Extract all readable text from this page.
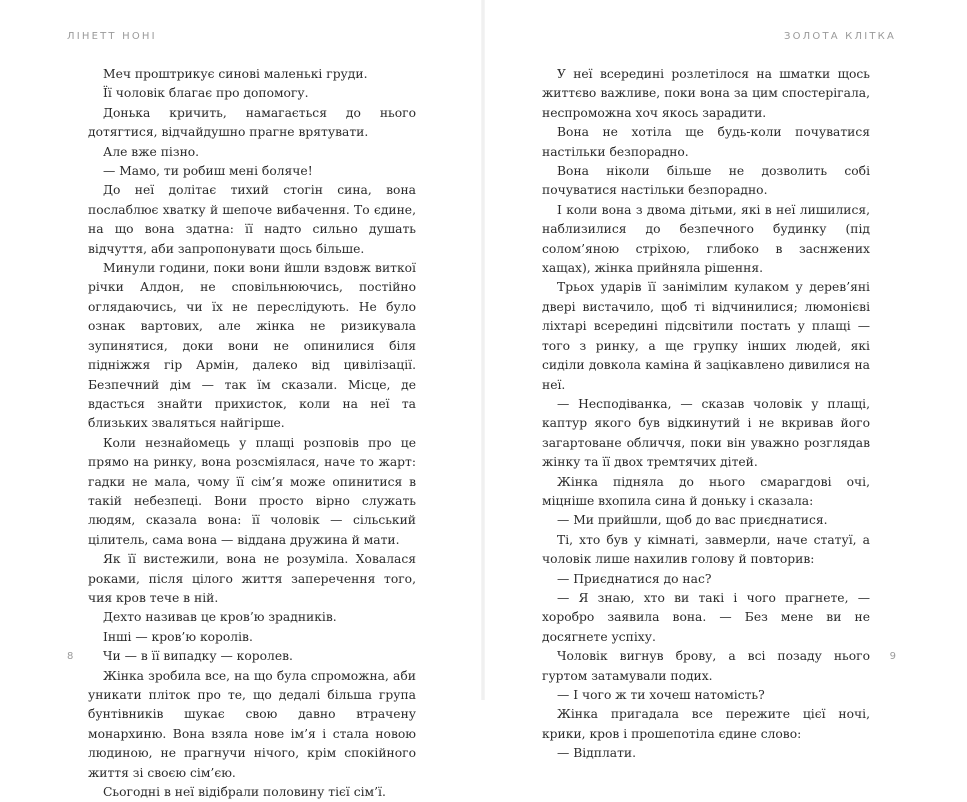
ЛІНЕТТ НОНІ

Меч проштрикує синові маленькі груди.

Її чоловік благає про допомогу.

Донька кричить, намагається до нього дотягтися, відчайдушно прагне врятувати.

Але вже пізно.

— Мамо, ти робиш мені боляче!

До неї долітає тихий стогін сина, вона послаблює хватку й шепоче вибачення. То єдине, на що вона здатна: її надто сильно душать відчуття, аби запропонувати щось більше.

Минули години, поки вони йшли вздовж виткої річки Алдон, не сповільнюючись, постійно оглядаючись, чи їх не переслідують. Не було ознак вартових, але жінка не ризикувала зупинятися, доки вони не опинилися біля підніжжя гір Армін, далеко від цивілізації. Безпечний дім — так їм сказали. Місце, де вдасться знайти прихисток, коли на неї та близьких зваляться найгірше.

Коли незнайомець у плащі розповів про це прямо на ринку, вона розсміялася, наче то жарт: гадки не мала, чому її сім’я може опинитися в такій небезпеці. Вони просто вірно служать людям, сказала вона: її чоловік — сільський цілитель, сама вона — віддана дружина й мати.

Як її вистежили, вона не розуміла. Ховалася роками, після цілого життя заперечення того, чия кров тече в ній.

Дехто називав це кров’ю зрадників.

Інші — кров’ю королів.

Чи — в її випадку — королев.

Жінка зробила все, на що була спроможна, аби уникати пліток про те, що дедалі більша група бунтівників шукає свою давно втрачену монархиню. Вона взяла нове ім’я і стала новою людиною, не прагнучи нічого, крім спокійного життя зі своєю сім’єю.

Сьогодні в неї відібрали половину тієї сім’ї.

8
ЗОЛОТА КЛІТКА

У неї всередині розлетілося на шматки щось життєво важливе, поки вона за цим спостерігала, неспроможна хоч якось зарадити.

Вона не хотіла ще будь-коли почуватися настільки безпорадно.

Вона ніколи більше не дозволить собі почуватися настільки безпорадно.

І коли вона з двома дітьми, які в неї лишилися, наблизилися до безпечного будинку (під солом’яною стріхою, глибоко в заснжених хащах), жінка прийняла рішення.

Трьох ударів її занімілим кулаком у дерев’яні двері вистачило, щоб ті відчинилися; люмонієві ліхтарі всередині підсвітили постать у плащі — того з ринку, а ще групку інших людей, які сиділи довкола каміна й зацікавлено дивилися на неї.

— Несподіванка, — сказав чоловік у плащі, каптур якого був відкинутий і не вкривав його загартоване обличчя, поки він уважно розглядав жінку та її двох тремтячих дітей.

Жінка підняла до нього смарагдові очі, міцніше вхопила сина й доньку і сказала:

— Ми прийшли, щоб до вас приєднатися.

Ті, хто був у кімнаті, завмерли, наче статуї, а чоловік лише нахилив голову й повторив:

— Приєднатися до нас?

— Я знаю, хто ви такі і чого прагнете, — хоробро заявила вона. — Без мене ви не досягнете успіху.

Чоловік вигнув брову, а всі позаду нього гуртом затамували подих.

— І чого ж ти хочеш натомість?

Жінка пригадала все пережите цієї ночі, крики, кров і прошепотіла єдине слово:

— Відплати.

9
